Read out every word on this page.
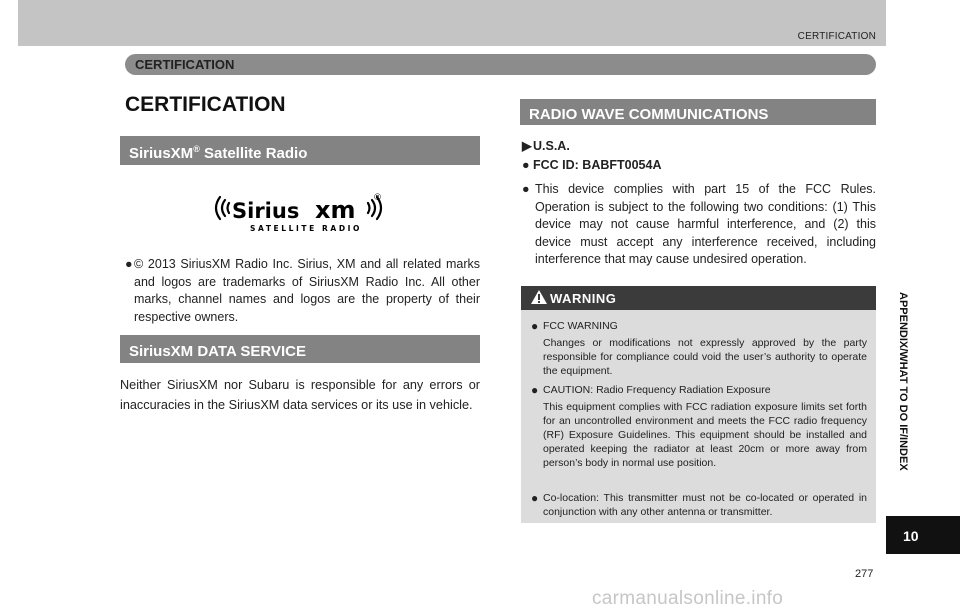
CERTIFICATION
CERTIFICATION
CERTIFICATION
SiriusXM® Satellite Radio
Sirius xm ®
SATELLITE RADIO
● © 2013 SiriusXM Radio Inc. Sirius, XM and all related marks and logos are trademarks of SiriusXM Radio Inc. All other marks, channel names and logos are the property of their respective owners.
SiriusXM DATA SERVICE

Neither SiriusXM nor Subaru is responsible for any errors or inaccuracies in the SiriusXM data services or its use in vehicle.

RADIO WAVE COMMUNICATIONS
▶ U.S.A.
● FCC ID: BABFT0054A
● This device complies with part 15 of the FCC Rules. Operation is subject to the following two conditions: (1) This device may not cause harmful interference, and (2) this device must accept any interference received, including interference that may cause undesired operation.
WARNING
● FCC WARNING
Changes or modifications not expressly approved by the party responsible for compliance could void the user’s authority to operate the equipment.
● CAUTION: Radio Frequency Radiation Exposure
This equipment complies with FCC radiation exposure limits set forth for an uncontrolled environment and meets the FCC radio frequency (RF) Exposure Guidelines. This equipment should be installed and operated keeping the radiator at least 20cm or more away from person’s body in normal use position.
● Co-location: This transmitter must not be co-located or operated in conjunction with any other antenna or transmitter.
APPENDIX/WHAT TO DO IF/INDEX
10
277
carmanualsonline.info
